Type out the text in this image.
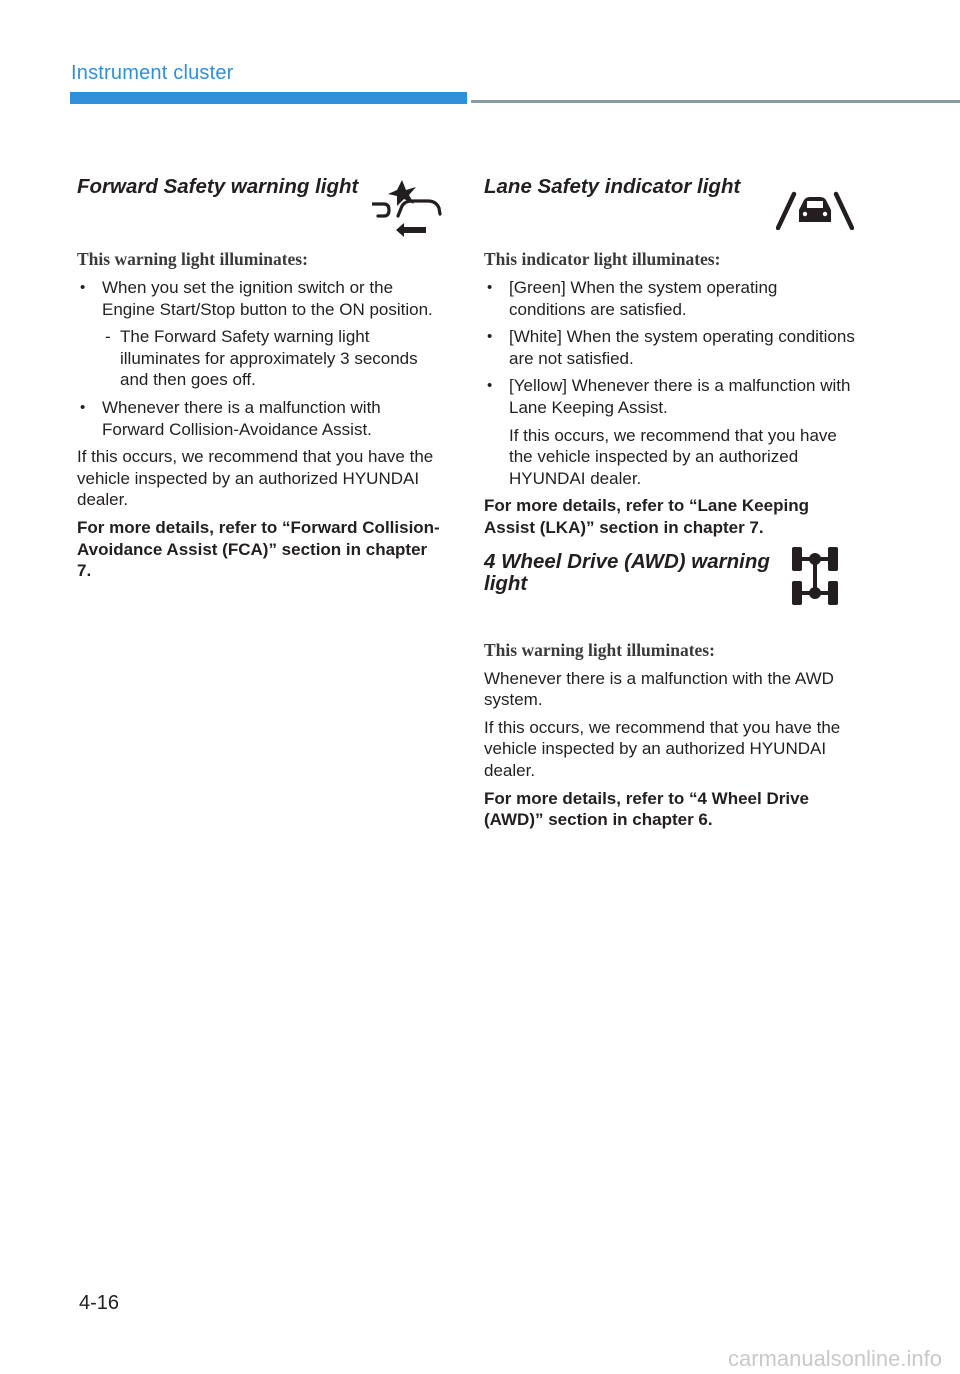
Instrument cluster
Forward Safety warning light
This warning light illuminates:
• When you set the ignition switch or the Engine Start/Stop button to the ON position.
- The Forward Safety warning light illuminates for approximately 3 seconds and then goes off.
• Whenever there is a malfunction with Forward Collision-Avoidance Assist.

If this occurs, we recommend that you have the vehicle inspected by an authorized HYUNDAI dealer.

For more details, refer to “Forward Collision-Avoidance Assist (FCA)” section in chapter 7.

Lane Safety indicator light
This indicator light illuminates:
• [Green] When the system operating conditions are satisfied.
• [White] When the system operating conditions are not satisfied.
• [Yellow] Whenever there is a malfunction with Lane Keeping Assist.

If this occurs, we recommend that you have the vehicle inspected by an authorized HYUNDAI dealer.

For more details, refer to “Lane Keeping Assist (LKA)” section in chapter 7.

4 Wheel Drive (AWD) warning light
This warning light illuminates:

Whenever there is a malfunction with the AWD system.

If this occurs, we recommend that you have the vehicle inspected by an authorized HYUNDAI dealer.

For more details, refer to “4 Wheel Drive (AWD)” section in chapter 6.

4-16
carmanualsonline.info
